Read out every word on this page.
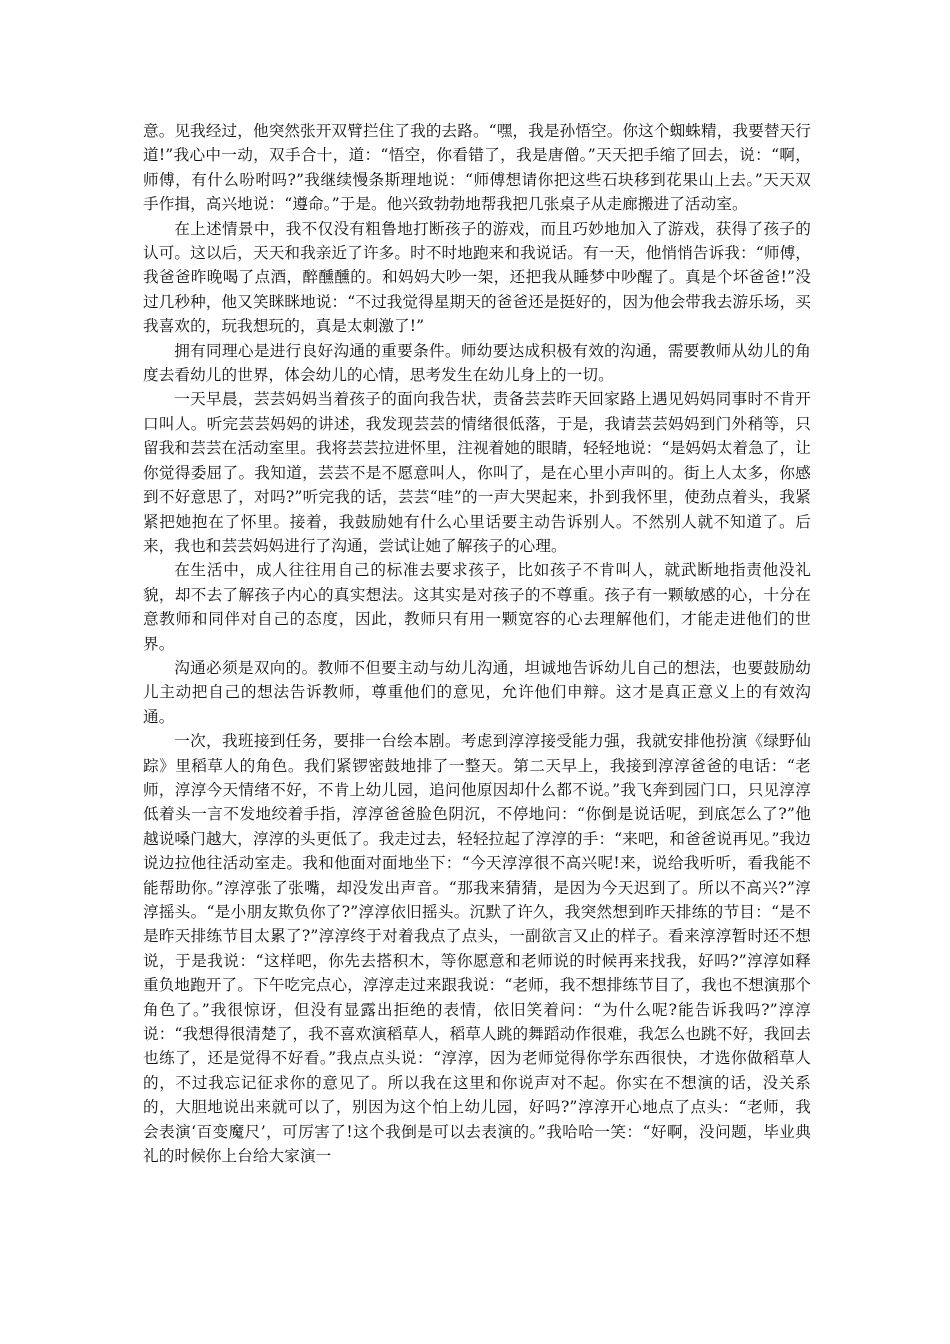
意。见我经过，他突然张开双臂拦住了我的去路。“嘿，我是孙悟空。你这个蜘蛛精，我要替天行道!”我心中一动，双手合十，道：“悟空，你看错了，我是唐僧。”天天把手缩了回去，说：“啊，师傅，有什么吩咐吗?”我继续慢条斯理地说：“师傅想请你把这些石块移到花果山上去。”天天双手作揖，高兴地说：“遵命。”于是。他兴致勃勃地帮我把几张桌子从走廊搬进了活动室。

在上述情景中，我不仅没有粗鲁地打断孩子的游戏，而且巧妙地加入了游戏，获得了孩子的认可。这以后，天天和我亲近了许多。时不时地跑来和我说话。有一天，他悄悄告诉我：“师傅，我爸爸昨晚喝了点酒，醉醺醺的。和妈妈大吵一架，还把我从睡梦中吵醒了。真是个坏爸爸!”没过几秒种，他又笑眯眯地说：“不过我觉得星期天的爸爸还是挺好的，因为他会带我去游乐场，买我喜欢的，玩我想玩的，真是太刺激了!”

拥有同理心是进行良好沟通的重要条件。师幼要达成积极有效的沟通，需要教师从幼儿的角度去看幼儿的世界，体会幼儿的心情，思考发生在幼儿身上的一切。

一天早晨，芸芸妈妈当着孩子的面向我告状，责备芸芸昨天回家路上遇见妈妈同事时不肯开口叫人。听完芸芸妈妈的讲述，我发现芸芸的情绪很低落，于是，我请芸芸妈妈到门外稍等，只留我和芸芸在活动室里。我将芸芸拉进怀里，注视着她的眼睛，轻轻地说：“是妈妈太着急了，让你觉得委屈了。我知道，芸芸不是不愿意叫人，你叫了，是在心里小声叫的。街上人太多，你感到不好意思了，对吗?”听完我的话，芸芸“哇”的一声大哭起来，扑到我怀里，使劲点着头，我紧紧把她抱在了怀里。接着，我鼓励她有什么心里话要主动告诉别人。不然别人就不知道了。后来，我也和芸芸妈妈进行了沟通，尝试让她了解孩子的心理。

在生活中，成人往往用自己的标准去要求孩子，比如孩子不肯叫人，就武断地指责他没礼貌，却不去了解孩子内心的真实想法。这其实是对孩子的不尊重。孩子有一颗敏感的心，十分在意教师和同伴对自己的态度，因此，教师只有用一颗宽容的心去理解他们，才能走进他们的世界。

沟通必须是双向的。教师不但要主动与幼儿沟通，坦诚地告诉幼儿自己的想法，也要鼓励幼儿主动把自己的想法告诉教师，尊重他们的意见，允许他们申辩。这才是真正意义上的有效沟通。

一次，我班接到任务，要排一台绘本剧。考虑到淳淳接受能力强，我就安排他扮演《绿野仙踪》里稻草人的角色。我们紧锣密鼓地排了一整天。第二天早上，我接到淳淳爸爸的电话：“老师，淳淳今天情绪不好，不肯上幼儿园，追问他原因却什么都不说。”我飞奔到园门口，只见淳淳低着头一言不发地绞着手指，淳淳爸爸脸色阴沉，不停地问：“你倒是说话呢，到底怎么了?”他越说嗓门越大，淳淳的头更低了。我走过去，轻轻拉起了淳淳的手：“来吧，和爸爸说再见。”我边说边拉他往活动室走。我和他面对面地坐下：“今天淳淳很不高兴呢!来，说给我听听，看我能不能帮助你。”淳淳张了张嘴，却没发出声音。“那我来猜猜，是因为今天迟到了。所以不高兴?”淳淳摇头。“是小朋友欺负你了?”淳淳依旧摇头。沉默了许久，我突然想到昨天排练的节目：“是不是昨天排练节目太累了?”淳淳终于对着我点了点头，一副欲言又止的样子。看来淳淳暂时还不想说，于是我说：“这样吧，你先去搭积木，等你愿意和老师说的时候再来找我，好吗?”淳淳如释重负地跑开了。下午吃完点心，淳淳走过来跟我说：“老师，我不想排练节目了，我也不想演那个角色了。”我很惊讶，但没有显露出拒绝的表情，依旧笑着问：“为什么呢?能告诉我吗?”淳淳说：“我想得很清楚了，我不喜欢演稻草人，稻草人跳的舞蹈动作很难，我怎么也跳不好，我回去也练了，还是觉得不好看。”我点点头说：“淳淳，因为老师觉得你学东西很快，才选你做稻草人的，不过我忘记征求你的意见了。所以我在这里和你说声对不起。你实在不想演的话，没关系的，大胆地说出来就可以了，别因为这个怕上幼儿园，好吗?”淳淳开心地点了点头：“老师，我会表演‘百变魔尺’，可厉害了!这个我倒是可以去表演的。”我哈哈一笑：“好啊，没问题，毕业典礼的时候你上台给大家演一
